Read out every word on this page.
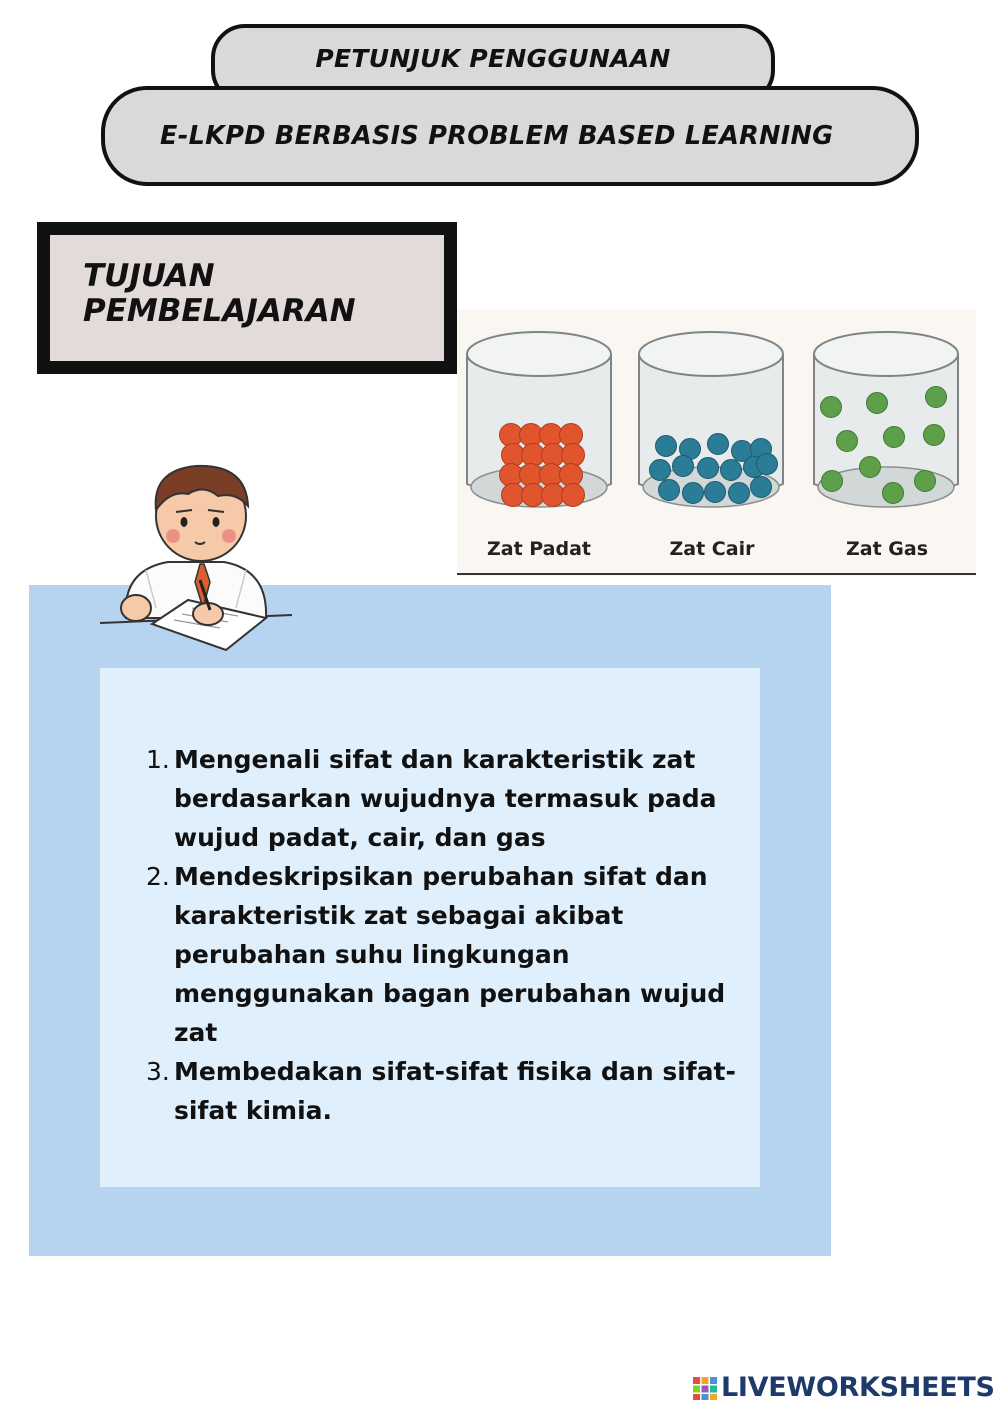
PETUNJUK PENGGUNAAN
E-LKPD BERBASIS PROBLEM BASED LEARNING
TUJUAN
PEMBELAJARAN
Zat Padat	Zat Cair	Zat Gas
1. Mengenali sifat dan karakteristik zat
berdasarkan wujudnya termasuk pada
wujud padat, cair, dan gas
2. Mendeskripsikan perubahan sifat dan
karakteristik zat sebagai akibat
perubahan suhu lingkungan
menggunakan bagan perubahan wujud
zat
3. Membedakan sifat-sifat fisika dan sifat-
sifat kimia.
LIVEWORKSHEETS
